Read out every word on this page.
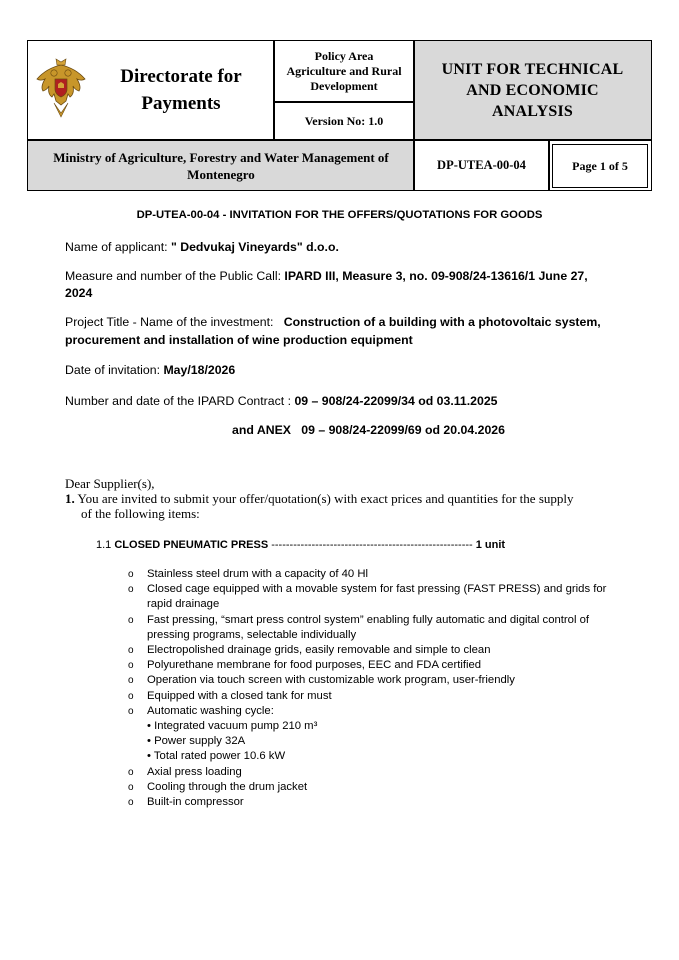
UNIT FOR TECHNICAL
AND ECONOMIC
ANALYSIS
Ministry of Agriculture, Forestry and Water Management of
Montenegro
Directorate for
Payments
Policy Area
Agriculture and Rural
Development
Version No: 1.0
DP-UTEA-00-04	Page 1 of 5
DP-UTEA-00-04 - INVITATION FOR THE OFFERS/QUOTATIONS FOR GOODS
Name of applicant: " Dedvukaj Vineyards" d.o.o.
Measure and number of the Public Call: IPARD III, Measure 3, no. 09-908/24-13616/1 June 27,
2024
Project Title - Name of the investment:   Construction of a building with a photovoltaic system,
procurement and installation of wine production equipment
Date of invitation: May/18/2026
Number and date of the IPARD Contract : 09 – 908/24-22099/34 od 03.11.2025
and ANEX   09 – 908/24-22099/69 od 20.04.2026
Dear Supplier(s),
1. You are invited to submit your offer/quotation(s) with exact prices and quantities for the supply
of the following items:
1.1 CLOSED PNEUMATIC PRESS ------------------------------------------------------- 1 unit
o Stainless steel drum with a capacity of 40 Hl
o Closed cage equipped with a movable system for fast pressing (FAST PRESS) and grids for
rapid drainage
o Fast pressing, “smart press control system” enabling fully automatic and digital control of
pressing programs, selectable individually
o Electropolished drainage grids, easily removable and simple to clean
o Polyurethane membrane for food purposes, EEC and FDA certified
o Operation via touch screen with customizable work program, user-friendly
o Equipped with a closed tank for must
o Automatic washing cycle:
• Integrated vacuum pump 210 m³
• Power supply 32A
• Total rated power 10.6 kW
o Axial press loading
o Cooling through the drum jacket
o Built-in compressor
